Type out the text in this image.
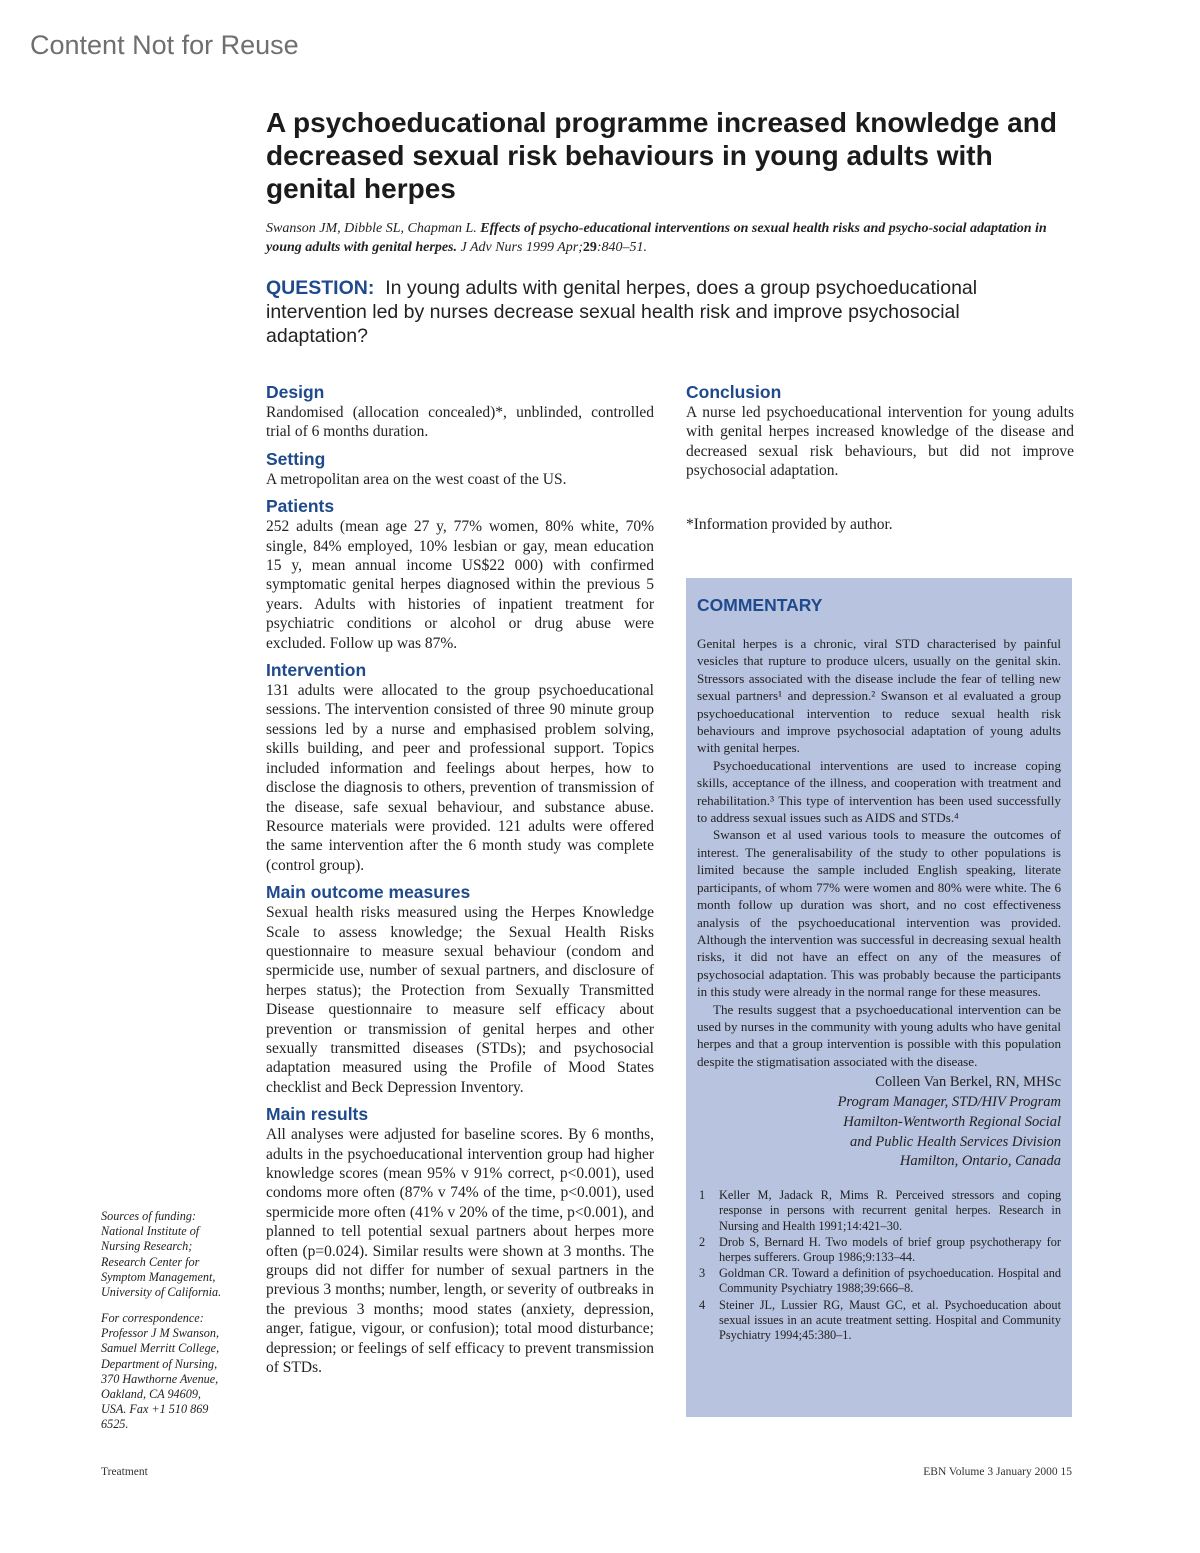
Content Not for Reuse
A psychoeducational programme increased knowledge and decreased sexual risk behaviours in young adults with genital herpes

Swanson JM, Dibble SL, Chapman L. Effects of psycho-educational interventions on sexual health risks and psycho-social adaptation in young adults with genital herpes. J Adv Nurs 1999 Apr;29:840–51.

QUESTION: In young adults with genital herpes, does a group psychoeducational intervention led by nurses decrease sexual health risk and improve psychosocial adaptation?

Design

Randomised (allocation concealed)*, unblinded, controlled trial of 6 months duration.

Setting

A metropolitan area on the west coast of the US.

Patients

252 adults (mean age 27 y, 77% women, 80% white, 70% single, 84% employed, 10% lesbian or gay, mean education 15 y, mean annual income US$22 000) with confirmed symptomatic genital herpes diagnosed within the previous 5 years. Adults with histories of inpatient treatment for psychiatric conditions or alcohol or drug abuse were excluded. Follow up was 87%.

Intervention

131 adults were allocated to the group psychoeducational sessions. The intervention consisted of three 90 minute group sessions led by a nurse and emphasised problem solving, skills building, and peer and professional support. Topics included information and feelings about herpes, how to disclose the diagnosis to others, prevention of transmission of the disease, safe sexual behaviour, and substance abuse. Resource materials were provided. 121 adults were offered the same intervention after the 6 month study was complete (control group).

Main outcome measures

Sexual health risks measured using the Herpes Knowledge Scale to assess knowledge; the Sexual Health Risks questionnaire to measure sexual behaviour (condom and spermicide use, number of sexual partners, and disclosure of herpes status); the Protection from Sexually Transmitted Disease questionnaire to measure self efficacy about prevention or transmission of genital herpes and other sexually transmitted diseases (STDs); and psychosocial adaptation measured using the Profile of Mood States checklist and Beck Depression Inventory.

Main results

All analyses were adjusted for baseline scores. By 6 months, adults in the psychoeducational intervention group had higher knowledge scores (mean 95% v 91% correct, p<0.001), used condoms more often (87% v 74% of the time, p<0.001), used spermicide more often (41% v 20% of the time, p<0.001), and planned to tell potential sexual partners about herpes more often (p=0.024). Similar results were shown at 3 months. The groups did not differ for number of sexual partners in the previous 3 months; number, length, or severity of outbreaks in the previous 3 months; mood states (anxiety, depression, anger, fatigue, vigour, or confusion); total mood disturbance; depression; or feelings of self efficacy to prevent transmission of STDs.

Conclusion

A nurse led psychoeducational intervention for young adults with genital herpes increased knowledge of the disease and decreased sexual risk behaviours, but did not improve psychosocial adaptation.

*Information provided by author.

COMMENTARY

Genital herpes is a chronic, viral STD characterised by painful vesicles that rupture to produce ulcers, usually on the genital skin. Stressors associated with the disease include the fear of telling new sexual partners¹ and depression.² Swanson et al evaluated a group psychoeducational intervention to reduce sexual health risk behaviours and improve psychosocial adaptation of young adults with genital herpes.

Psychoeducational interventions are used to increase coping skills, acceptance of the illness, and cooperation with treatment and rehabilitation.³ This type of intervention has been used successfully to address sexual issues such as AIDS and STDs.⁴

Swanson et al used various tools to measure the outcomes of interest. The generalisability of the study to other populations is limited because the sample included English speaking, literate participants, of whom 77% were women and 80% were white. The 6 month follow up duration was short, and no cost effectiveness analysis of the psychoeducational intervention was provided. Although the intervention was successful in decreasing sexual health risks, it did not have an effect on any of the measures of psychosocial adaptation. This was probably because the participants in this study were already in the normal range for these measures.

The results suggest that a psychoeducational intervention can be used by nurses in the community with young adults who have genital herpes and that a group intervention is possible with this population despite the stigmatisation associated with the disease.

Colleen Van Berkel, RN, MHSc
Program Manager, STD/HIV Program
Hamilton-Wentworth Regional Social
and Public Health Services Division
Hamilton, Ontario, Canada

1 Keller M, Jadack R, Mims R. Perceived stressors and coping response in persons with recurrent genital herpes. Research in Nursing and Health 1991;14:421–30.
2 Drob S, Bernard H. Two models of brief group psychotherapy for herpes sufferers. Group 1986;9:133–44.
3 Goldman CR. Toward a definition of psychoeducation. Hospital and Community Psychiatry 1988;39:666–8.
4 Steiner JL, Lussier RG, Maust GC, et al. Psychoeducation about sexual issues in an acute treatment setting. Hospital and Community Psychiatry 1994;45:380–1.
Sources of funding:
National Institute of
Nursing Research;
Research Center for
Symptom Management,
University of California.
For correspondence:
Professor J M Swanson,
Samuel Merritt College,
Department of Nursing,
370 Hawthorne Avenue,
Oakland, CA 94609,
USA. Fax +1 510 869
6525.
Treatment	EBN Volume 3 January 2000 15
